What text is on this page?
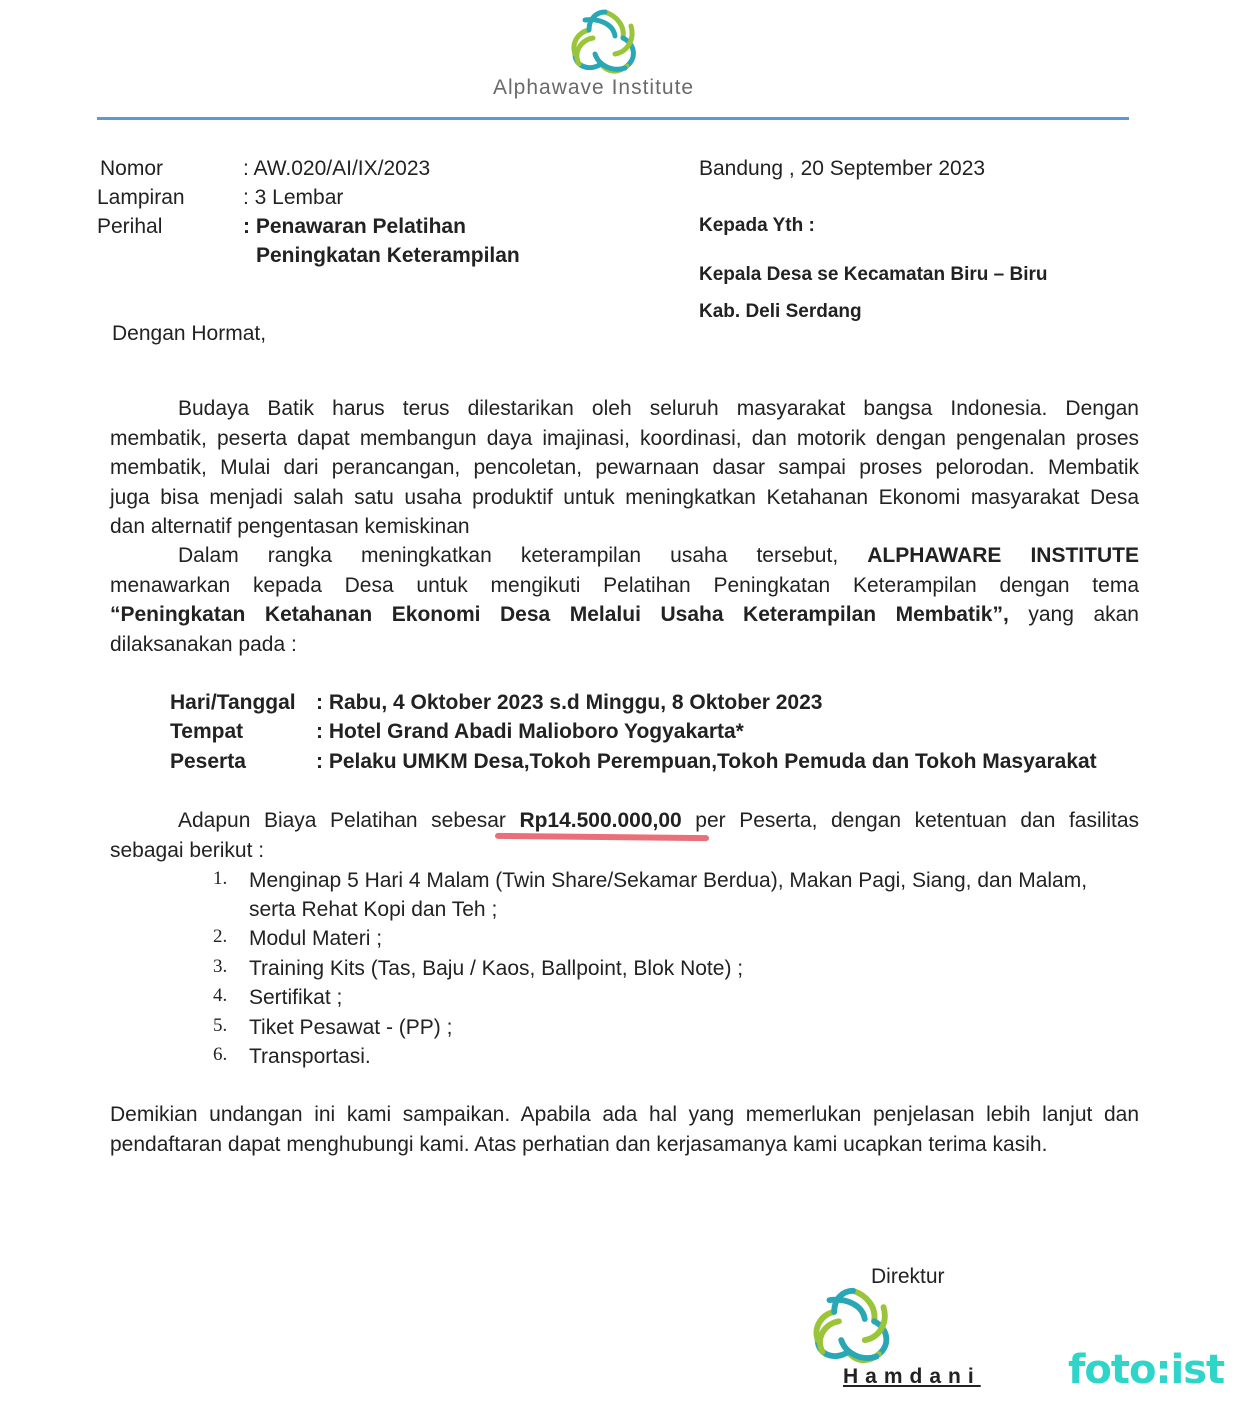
Alphawave Institute
Nomor	: AW.020/AI/IX/2023
Lampiran	: 3 Lembar
Perihal	: Penawaran Pelatihan
Peningkatan Keterampilan
Bandung , 20 September 2023
Kepada Yth :
Kepala Desa se Kecamatan Biru – Biru
Kab. Deli Serdang
Dengan Hormat,
Budaya Batik harus terus dilestarikan oleh seluruh masyarakat bangsa Indonesia. Dengan
membatik, peserta dapat membangun daya imajinasi, koordinasi, dan motorik dengan pengenalan proses
membatik, Mulai dari perancangan, pencoletan, pewarnaan dasar sampai proses pelorodan. Membatik
juga bisa menjadi salah satu usaha produktif untuk meningkatkan Ketahanan Ekonomi masyarakat Desa
dan alternatif pengentasan kemiskinan
Dalam rangka meningkatkan keterampilan usaha tersebut, ALPHAWARE INSTITUTE
menawarkan kepada Desa untuk mengikuti Pelatihan Peningkatan Keterampilan dengan tema
“Peningkatan Ketahanan Ekonomi Desa Melalui Usaha Keterampilan Membatik”, yang akan
dilaksanakan pada :
Hari/Tanggal : Rabu, 4 Oktober 2023 s.d Minggu, 8 Oktober 2023
Tempat	: Hotel Grand Abadi Malioboro Yogyakarta*
Peserta	: Pelaku UMKM Desa,Tokoh Perempuan,Tokoh Pemuda dan Tokoh Masyarakat
Adapun Biaya Pelatihan sebesar Rp14.500.000,00 per Peserta, dengan ketentuan dan fasilitas
sebagai berikut :
1. Menginap 5 Hari 4 Malam (Twin Share/Sekamar Berdua), Makan Pagi, Siang, dan Malam,
serta Rehat Kopi dan Teh ;
2. Modul Materi ;
3. Training Kits (Tas, Baju / Kaos, Ballpoint, Blok Note) ;
4. Sertifikat ;
5. Tiket Pesawat - (PP) ;
6. Transportasi.
Demikian undangan ini kami sampaikan. Apabila ada hal yang memerlukan penjelasan lebih lanjut dan
pendaftaran dapat menghubungi kami. Atas perhatian dan kerjasamanya kami ucapkan terima kasih.
Direktur
Hamdani foto:ist
